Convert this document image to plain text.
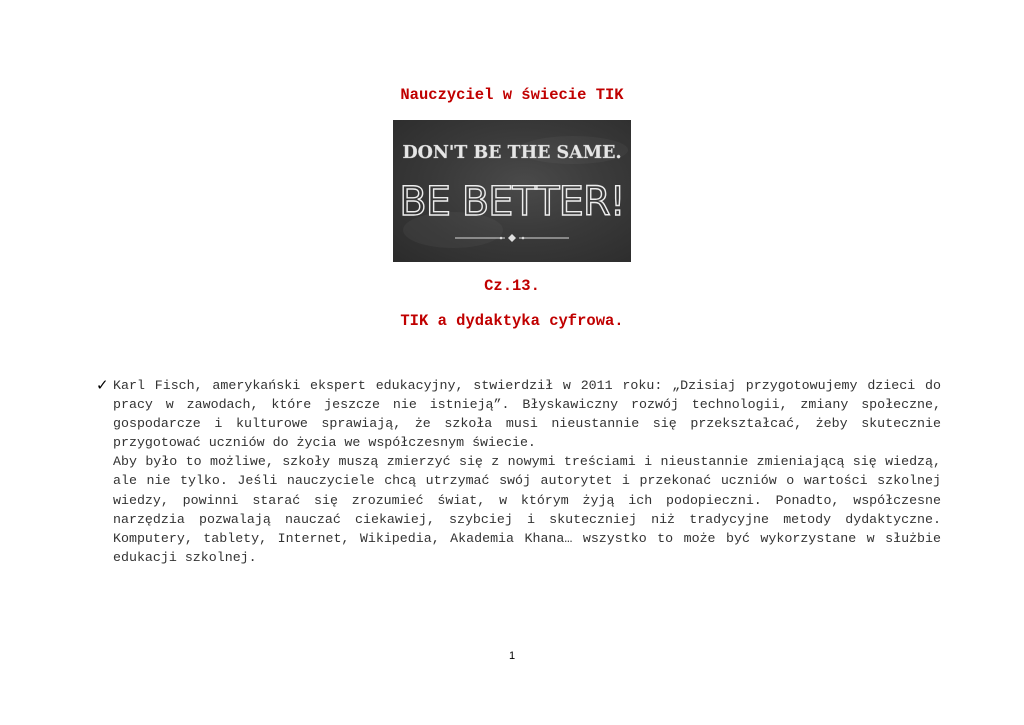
Nauczyciel w świecie TIK
DON'T BE THE SAME.
BE BETTER!
Cz.13.
TIK a dydaktyka cyfrowa.
✓ Karl Fisch, amerykański ekspert edukacyjny, stwierdził w 2011 roku: „Dzisiaj przygotowujemy dzieci do pracy w zawodach, które jeszcze nie istnieją”. Błyskawiczny rozwój technologii, zmiany społeczne, gospodarcze i kulturowe sprawiają, że szkoła musi nieustannie się przekształcać, żeby skutecznie przygotować uczniów do życia we współczesnym świecie.

Aby było to możliwe, szkoły muszą zmierzyć się z nowymi treściami i nieustannie zmieniającą się wiedzą, ale nie tylko. Jeśli nauczyciele chcą utrzymać swój autorytet i przekonać uczniów o wartości szkolnej wiedzy, powinni starać się zrozumieć świat, w którym żyją ich podopieczni. Ponadto, współczesne narzędzia pozwalają nauczać ciekawiej, szybciej i skuteczniej niż tradycyjne metody dydaktyczne. Komputery, tablety, Internet, Wikipedia, Akademia Khana… wszystko to może być wykorzystane w służbie edukacji szkolnej.

1
